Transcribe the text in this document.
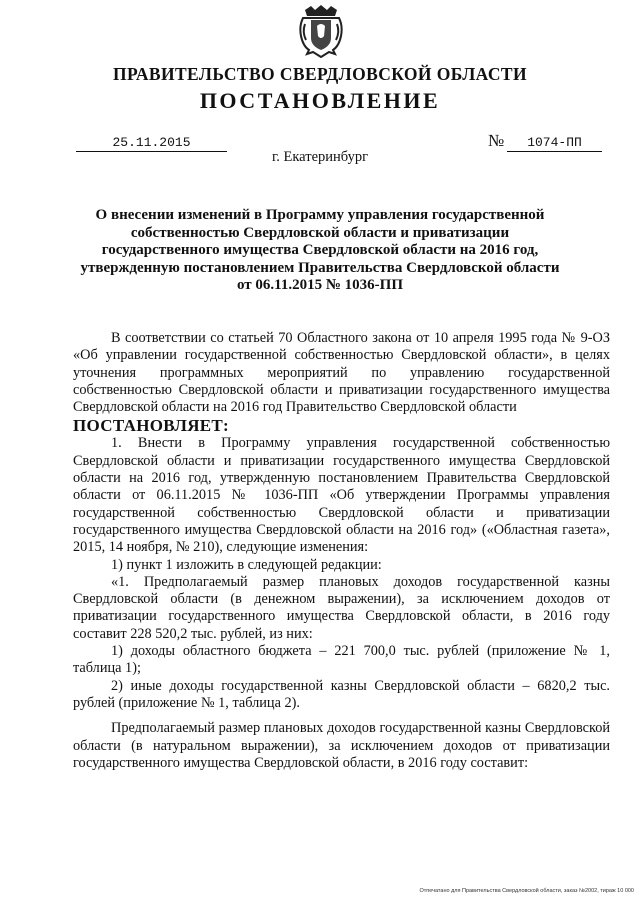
ПРАВИТЕЛЬСТВО СВЕРДЛОВСКОЙ ОБЛАСТИ
ПОСТАНОВЛЕНИЕ
25.11.2015	№	1074-ПП
г. Екатеринбург
О внесении изменений в Программу управления государственной собственностью Свердловской области и приватизации государственного имущества Свердловской области на 2016 год, утвержденную постановлением Правительства Свердловской области от 06.11.2015 № 1036-ПП

В соответствии со статьей 70 Областного закона от 10 апреля 1995 года № 9-ОЗ «Об управлении государственной собственностью Свердловской области», в целях уточнения программных мероприятий по управлению государственной собственностью Свердловской области и приватизации государственного имущества Свердловской области на 2016 год Правительство Свердловской области

ПОСТАНОВЛЯЕТ:

1. Внести в Программу управления государственной собственностью Свердловской области и приватизации государственного имущества Свердловской области на 2016 год, утвержденную постановлением Правительства Свердловской области от 06.11.2015 № 1036-ПП «Об утверждении Программы управления государственной собственностью Свердловской области и приватизации государственного имущества Свердловской области на 2016 год» («Областная газета», 2015, 14 ноября, № 210), следующие изменения:

1) пункт 1 изложить в следующей редакции:

«1. Предполагаемый размер плановых доходов государственной казны Свердловской области (в денежном выражении), за исключением доходов от приватизации государственного имущества Свердловской области, в 2016 году составит 228 520,2 тыс. рублей, из них:

1) доходы областного бюджета – 221 700,0 тыс. рублей (приложение № 1, таблица 1);

2) иные доходы государственной казны Свердловской области – 6820,2 тыс. рублей (приложение № 1, таблица 2).

Предполагаемый размер плановых доходов государственной казны Свердловской области (в натуральном выражении), за исключением доходов от приватизации государственного имущества Свердловской области, в 2016 году составит:

Отпечатано для Правительства Свердловской области, заказ №2002, тираж 10 000
